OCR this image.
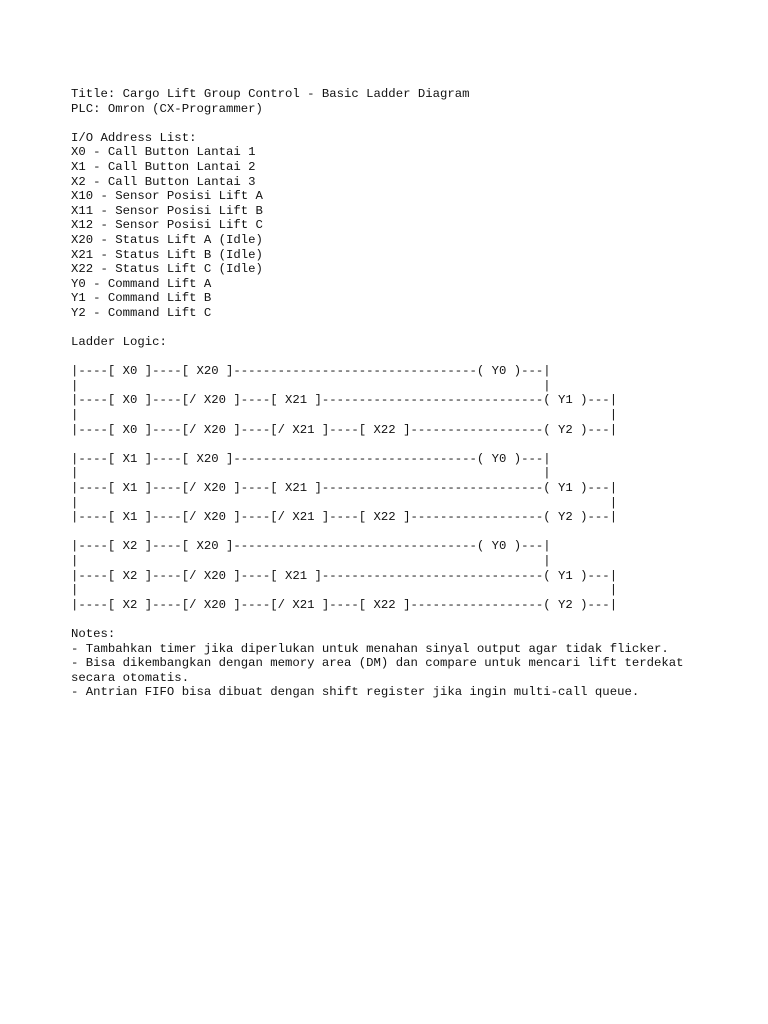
Title: Cargo Lift Group Control - Basic Ladder Diagram
PLC: Omron (CX-Programmer)
I/O Address List:
X0 - Call Button Lantai 1
X1 - Call Button Lantai 2
X2 - Call Button Lantai 3
X10 - Sensor Posisi Lift A
X11 - Sensor Posisi Lift B
X12 - Sensor Posisi Lift C
X20 - Status Lift A (Idle)
X21 - Status Lift B (Idle)
X22 - Status Lift C (Idle)
Y0 - Command Lift A
Y1 - Command Lift B
Y2 - Command Lift C
Ladder Logic:
|----[ X0 ]----[ X20 ]---------------------------------( Y0 )---|
|                                                               |
|----[ X0 ]----[/ X20 ]----[ X21 ]------------------------------( Y1 )---|
|                                                                        |
|----[ X0 ]----[/ X20 ]----[/ X21 ]----[ X22 ]------------------( Y2 )---|
|----[ X1 ]----[ X20 ]---------------------------------( Y0 )---|
|                                                               |
|----[ X1 ]----[/ X20 ]----[ X21 ]------------------------------( Y1 )---|
|                                                                        |
|----[ X1 ]----[/ X20 ]----[/ X21 ]----[ X22 ]------------------( Y2 )---|
|----[ X2 ]----[ X20 ]---------------------------------( Y0 )---|
|                                                               |
|----[ X2 ]----[/ X20 ]----[ X21 ]------------------------------( Y1 )---|
|                                                                        |
|----[ X2 ]----[/ X20 ]----[/ X21 ]----[ X22 ]------------------( Y2 )---|
Notes:
- Tambahkan timer jika diperlukan untuk menahan sinyal output agar tidak flicker.
- Bisa dikembangkan dengan memory area (DM) dan compare untuk mencari lift terdekat
secara otomatis.
- Antrian FIFO bisa dibuat dengan shift register jika ingin multi-call queue.
